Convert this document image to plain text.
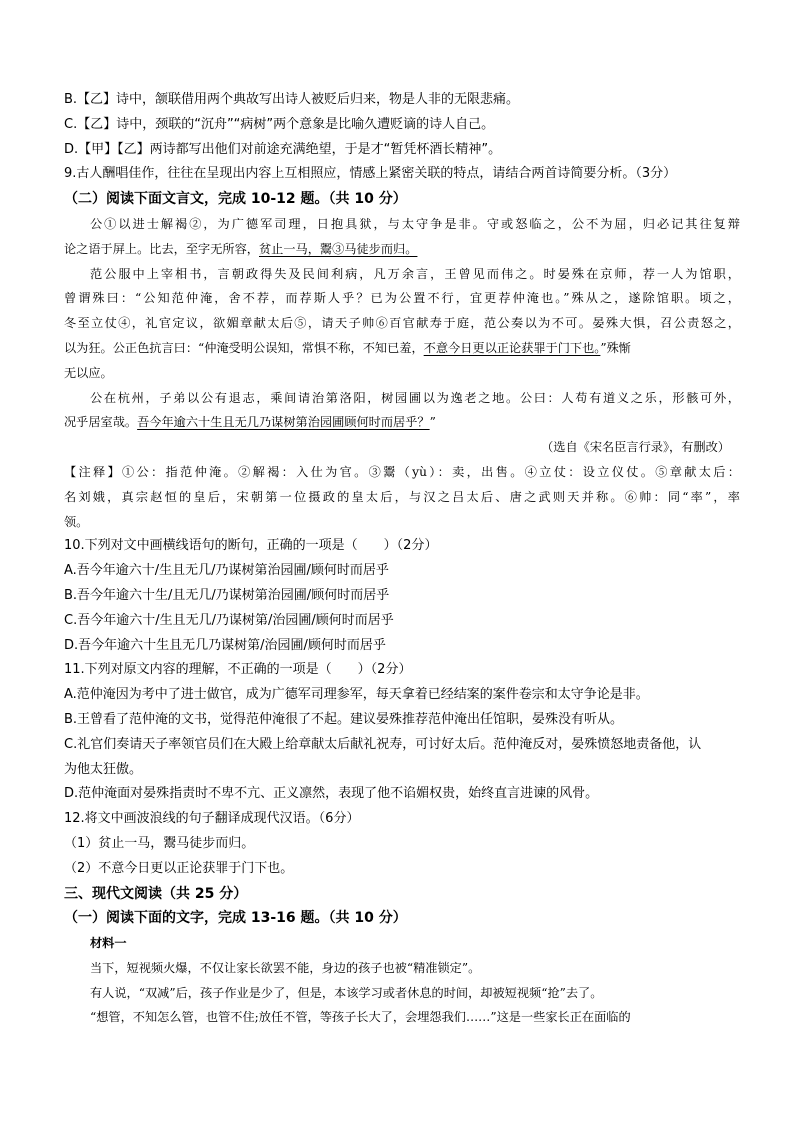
B.【乙】诗中，颔联借用两个典故写出诗人被贬后归来，物是人非的无限悲痛。
C.【乙】诗中，颈联的“沉舟”“病树”两个意象是比喻久遭贬谪的诗人自己。
D.【甲】【乙】两诗都写出他们对前途充满绝望，于是才“暂凭杯酒长精神”。
9.古人酬唱佳作，往往在呈现出内容上互相照应，情感上紧密关联的特点，请结合两首诗简要分析。（3分）
（二）阅读下面文言文，完成 10-12 题。（共 10 分）
公①以进士解褐②，为广德军司理，日抱具狱，与太守争是非。守或怒临之，公不为屈，归必记其往复辩
论之语于屏上。比去，至字无所容，贫止一马，鬻③马徒步而归。
范公服中上宰相书，言朝政得失及民间利病，凡万余言，王曾见而伟之。时晏殊在京师，荐一人为馆职，
曾谓殊曰：“公知范仲淹，舍不荐，而荐斯人乎？已为公置不行，宜更荐仲淹也。”殊从之，遂除馆职。顷之，
冬至立仗④，礼官定议，欲媚章献太后⑤，请天子帅⑥百官献寿于庭，范公奏以为不可。晏殊大惧，召公责怒之，
以为狂。公正色抗言曰：“仲淹受明公误知，常惧不称，不知已羞，不意今日更以正论获罪于门下也。”殊惭
无以应。
公在杭州，子弟以公有退志，乘间请治第洛阳，树园圃以为逸老之地。公曰：人苟有道义之乐，形骸可外，
况乎居室哉。吾今年逾六十生且无几乃谋树第治园圃顾何时而居乎？”
（选自《宋名臣言行录》，有删改）
【注释】①公：指范仲淹。②解褐：入仕为官。③鬻（yù）：卖，出售。④立仗：设立仪仗。⑤章献太后：
名刘娥，真宗赵恒的皇后，宋朝第一位摄政的皇太后，与汉之吕太后、唐之武则天并称。⑥帅：同“率”，率
领。
10.下列对文中画横线语句的断句，正确的一项是（　　）（2分）
A.吾今年逾六十/生且无几/乃谋树第治园圃/顾何时而居乎
B.吾今年逾六十生/且无几/乃谋树第治园圃/顾何时而居乎
C.吾今年逾六十/生且无几/乃谋树第/治园圃/顾何时而居乎
D.吾今年逾六十生且无几乃谋树第/治园圃/顾何时而居乎
11.下列对原文内容的理解，不正确的一项是（　　）（2分）
A.范仲淹因为考中了进士做官，成为广德军司理参军，每天拿着已经结案的案件卷宗和太守争论是非。
B.王曾看了范仲淹的文书，觉得范仲淹很了不起。建议晏殊推荐范仲淹出任馆职，晏殊没有听从。
C.礼官们奏请天子率领官员们在大殿上给章献太后献礼祝寿，可讨好太后。范仲淹反对，晏殊愤怒地责备他，认
为他太狂傲。
D.范仲淹面对晏殊指责时不卑不亢、正义凛然，表现了他不谄媚权贵，始终直言进谏的风骨。
12.将文中画波浪线的句子翻译成现代汉语。（6分）
（1）贫止一马，鬻马徒步而归。
（2）不意今日更以正论获罪于门下也。
三、现代文阅读（共 25 分）
（一）阅读下面的文字，完成 13-16 题。（共 10 分）
材料一
当下，短视频火爆，不仅让家长欲罢不能，身边的孩子也被“精准锁定”。
有人说，“双减”后，孩子作业是少了，但是，本该学习或者休息的时间，却被短视频“抢”去了。
“想管，不知怎么管，也管不住;放任不管，等孩子长大了，会埋怨我们……”这是一些家长正在面临的
